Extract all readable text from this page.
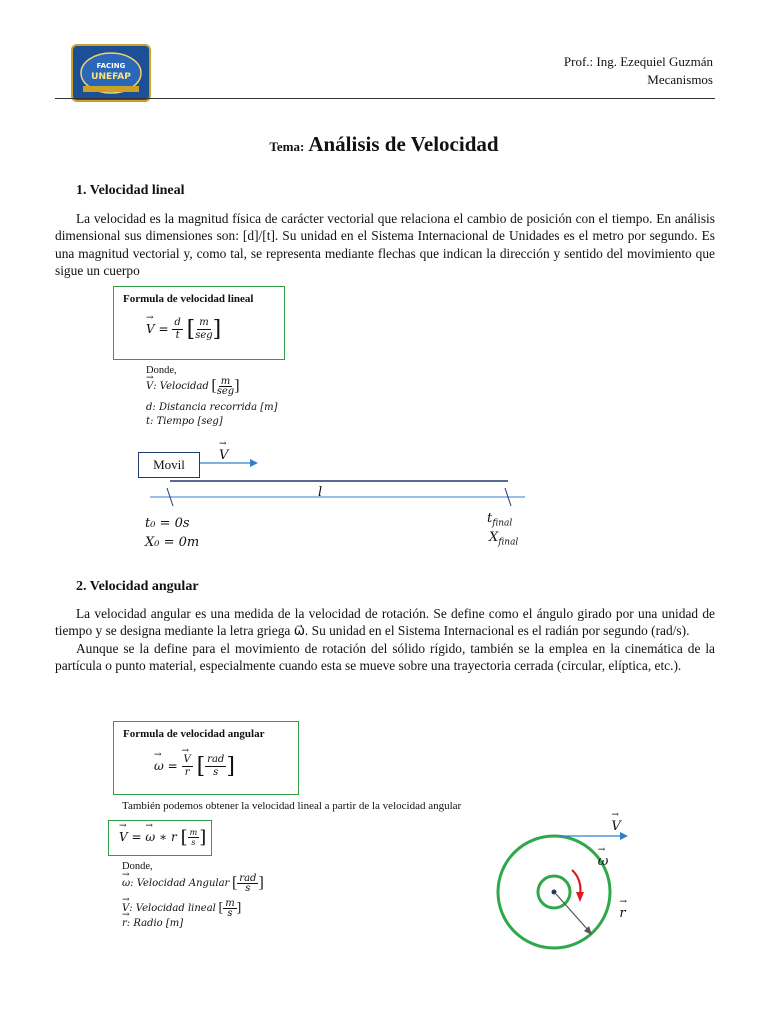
FACING
UNEFAP
Prof.: Ing. Ezequiel Guzmán
Mecanismos
Tema: Análisis de Velocidad
1. Velocidad lineal

La velocidad es la magnitud física de carácter vectorial que relaciona el cambio de posición con el tiempo. En análisis dimensional sus dimensiones son: [d]/[t]. Su unidad en el Sistema Internacional de Unidades es el metro por segundo. Es una magnitud vectorial y, como tal, se representa mediante flechas que indican la dirección y sentido del movimiento que sigue un cuerpo

Formula de velocidad lineal
→ $V = \frac{d}{t}$ [ $\frac{m}{\text{seg}}$ ]
Donde,
→ V: Velocidad [ $\frac{m}{\text{seg}}$ ]
d: Distancia recorrida [m]
t: Tiempo [seg]
Movil
→ V
l
t₀ = 0s
X₀ = 0m
$t_{final}$
$X_{final}$
2. Velocidad angular

La velocidad angular es una medida de la velocidad de rotación. Se define como el ángulo girado por una unidad de tiempo y se designa mediante la letra griega ω⃗. Su unidad en el Sistema Internacional es el radián por segundo (rad/s).

Aunque se la define para el movimiento de rotación del sólido rígido, también se la emplea en la cinemática de la partícula o punto material, especialmente cuando esta se mueve sobre una trayectoria cerrada (circular, elíptica, etc.).

Formula de velocidad angular
→ ω = → $\frac{V}{r}$ [ $\frac{\text{rad}}{s}$ ]
También podemos obtener la velocidad lineal a partir de la velocidad angular
→ V = → ω ∗ r [ $\frac{m}{s}$ ]
Donde,
→ ω: Velocidad Angular [ $\frac{\text{rad}}{s}$ ]
→ V: Velocidad lineal [ $\frac{m}{s}$ ]
→ r: Radio [m]
→ V → ω → r
